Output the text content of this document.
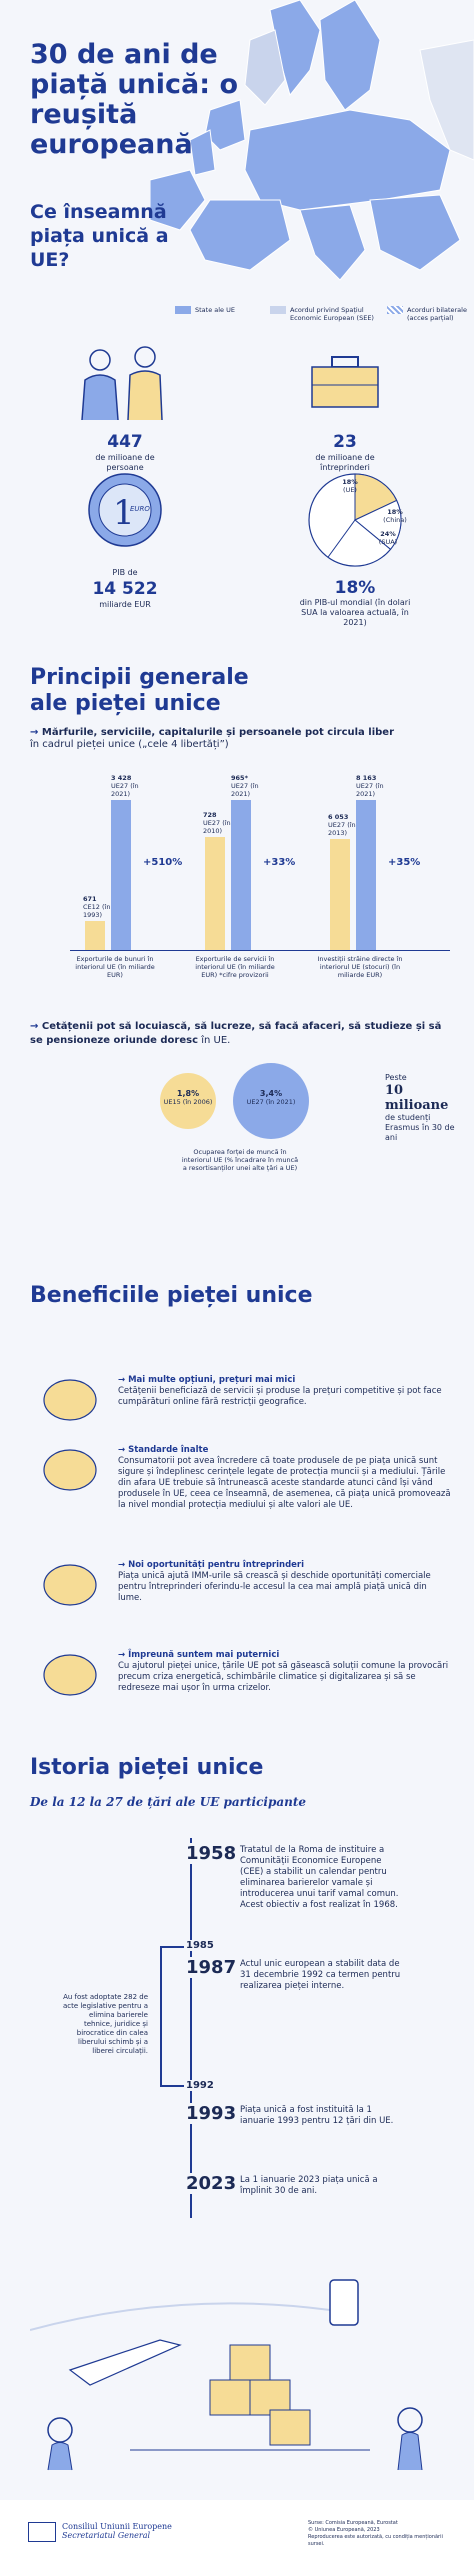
30 de ani de piață unică: o reușită europeană
Ce înseamnă piața unică a UE?
State ale UE	Acordul privind Spațiul Economic European (SEE)
Acorduri bilaterale (acces parțial)
447
de milioane de persoane
23
de milioane de întreprinderi
1
EURO
PIB de
14 522
miliarde EUR
18%
(UE)
18%
(China)
24%
(SUA)
18%
din PIB-ul mondial (în dolari SUA la valoarea actuală, în 2021)
Principii generale ale pieței unice
→ Mărfurile, serviciile, capitalurile și persoanele pot circula liber
în cadrul pieței unice („cele 4 libertăți”)
671
CE12 (în 1993)
3 428
UE27 (în 2021)
+510%
Exporturile de bunuri în interiorul UE (în miliarde EUR)
728
UE27 (în 2010)
965*
UE27 (în 2021)
+33%
Exporturile de servicii în interiorul UE (în miliarde EUR) *cifre provizorii
6 053
UE27 (în 2013)
8 163
UE27 (în 2021)
+35%
Investiții străine directe în interiorul UE (stocuri) (în miliarde EUR)
→ Cetățenii pot să locuiască, să lucreze, să facă afaceri, să studieze și să se pensioneze oriunde doresc în UE.
1,8%
UE15 (în 2006)
3,4%
UE27 (în 2021)
Ocuparea forței de muncă în interiorul UE (% încadrare în muncă a resortisanților unei alte țări a UE)
Peste
10 milioane
de studenți Erasmus în 30 de ani
Beneficiile pieței unice
→ Mai multe opțiuni, prețuri mai mici
Cetățenii beneficiază de servicii și produse la prețuri competitive și pot face cumpărături online fără restricții geografice.
→ Standarde înalte
Consumatorii pot avea încredere că toate produsele de pe piața unică sunt sigure și îndeplinesc cerințele legate de protecția muncii și a mediului. Țările din afara UE trebuie să întrunească aceste standarde atunci când își vând produsele în UE, ceea ce înseamnă, de asemenea, că piața unică promovează la nivel mondial protecția mediului și alte valori ale UE.
→ Noi oportunități pentru întreprinderi
Piața unică ajută IMM-urile să crească și deschide oportunități comerciale pentru întreprinderi oferindu-le accesul la cea mai amplă piață unică din lume.
→ Împreună suntem mai puternici
Cu ajutorul pieței unice, țările UE pot să găsească soluții comune la provocări precum criza energetică, schimbările climatice și digitalizarea și să se redreseze mai ușor în urma crizelor.
Istoria pieței unice
De la 12 la 27 de țări ale UE participante
1985
1992
Au fost adoptate 282 de acte legislative pentru a elimina barierele tehnice, juridice și birocratice din calea liberului schimb și a liberei circulații.
1958 Tratatul de la Roma de instituire a Comunității Economice Europene (CEE) a stabilit un calendar pentru eliminarea barierelor vamale și introducerea unui tarif vamal comun. Acest obiectiv a fost realizat în 1968.
1987 Actul unic european a stabilit data de 31 decembrie 1992 ca termen pentru realizarea pieței interne.
1993 Piața unică a fost instituită la 1 ianuarie 1993 pentru 12 țări din UE.
2023 La 1 ianuarie 2023 piața unică a împlinit 30 de ani.
Consiliul Uniunii Europene
Secretariatul General
Surse: Comisia Europeană, Eurostat
© Uniunea Europeană, 2023
Reproducerea este autorizată, cu condiția menționării sursei.
